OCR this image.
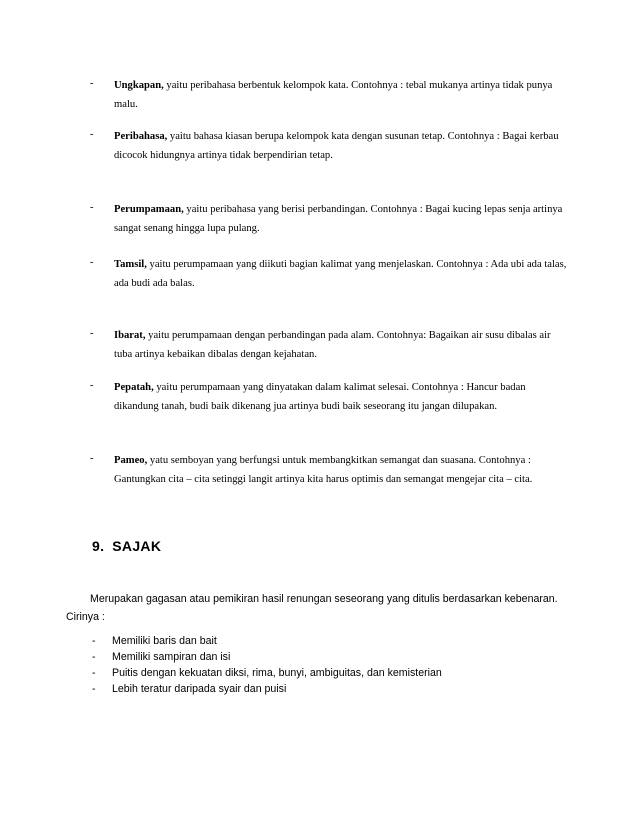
- Ungkapan, yaitu peribahasa berbentuk kelompok kata. Contohnya : tebal mukanya artinya tidak punya malu.
- Peribahasa, yaitu bahasa kiasan berupa kelompok kata dengan susunan tetap. Contohnya : Bagai kerbau dicocok hidungnya artinya tidak berpendirian tetap.
- Perumpamaan, yaitu peribahasa yang berisi perbandingan. Contohnya : Bagai kucing lepas senja artinya sangat senang hingga lupa pulang.
- Tamsil, yaitu perumpamaan yang diikuti bagian kalimat yang menjelaskan. Contohnya : Ada ubi ada talas, ada budi ada balas.
- Ibarat, yaitu perumpamaan dengan perbandingan pada alam. Contohnya: Bagaikan air susu dibalas air tuba artinya kebaikan dibalas dengan kejahatan.
- Pepatah, yaitu perumpamaan yang dinyatakan dalam kalimat selesai. Contohnya : Hancur badan dikandung tanah, budi baik dikenang jua artinya budi baik seseorang itu jangan dilupakan.
- Pameo, yatu semboyan yang berfungsi untuk membangkitkan semangat dan suasana. Contohnya : Gantungkan cita – cita setinggi langit artinya kita harus optimis dan semangat mengejar cita – cita.
9. SAJAK
Merupakan gagasan atau pemikiran hasil renungan seseorang yang ditulis berdasarkan kebenaran. Cirinya :
- Memiliki baris dan bait
- Memiliki sampiran dan isi
- Puitis dengan kekuatan diksi, rima, bunyi, ambiguitas, dan kemisterian
- Lebih teratur daripada syair dan puisi
